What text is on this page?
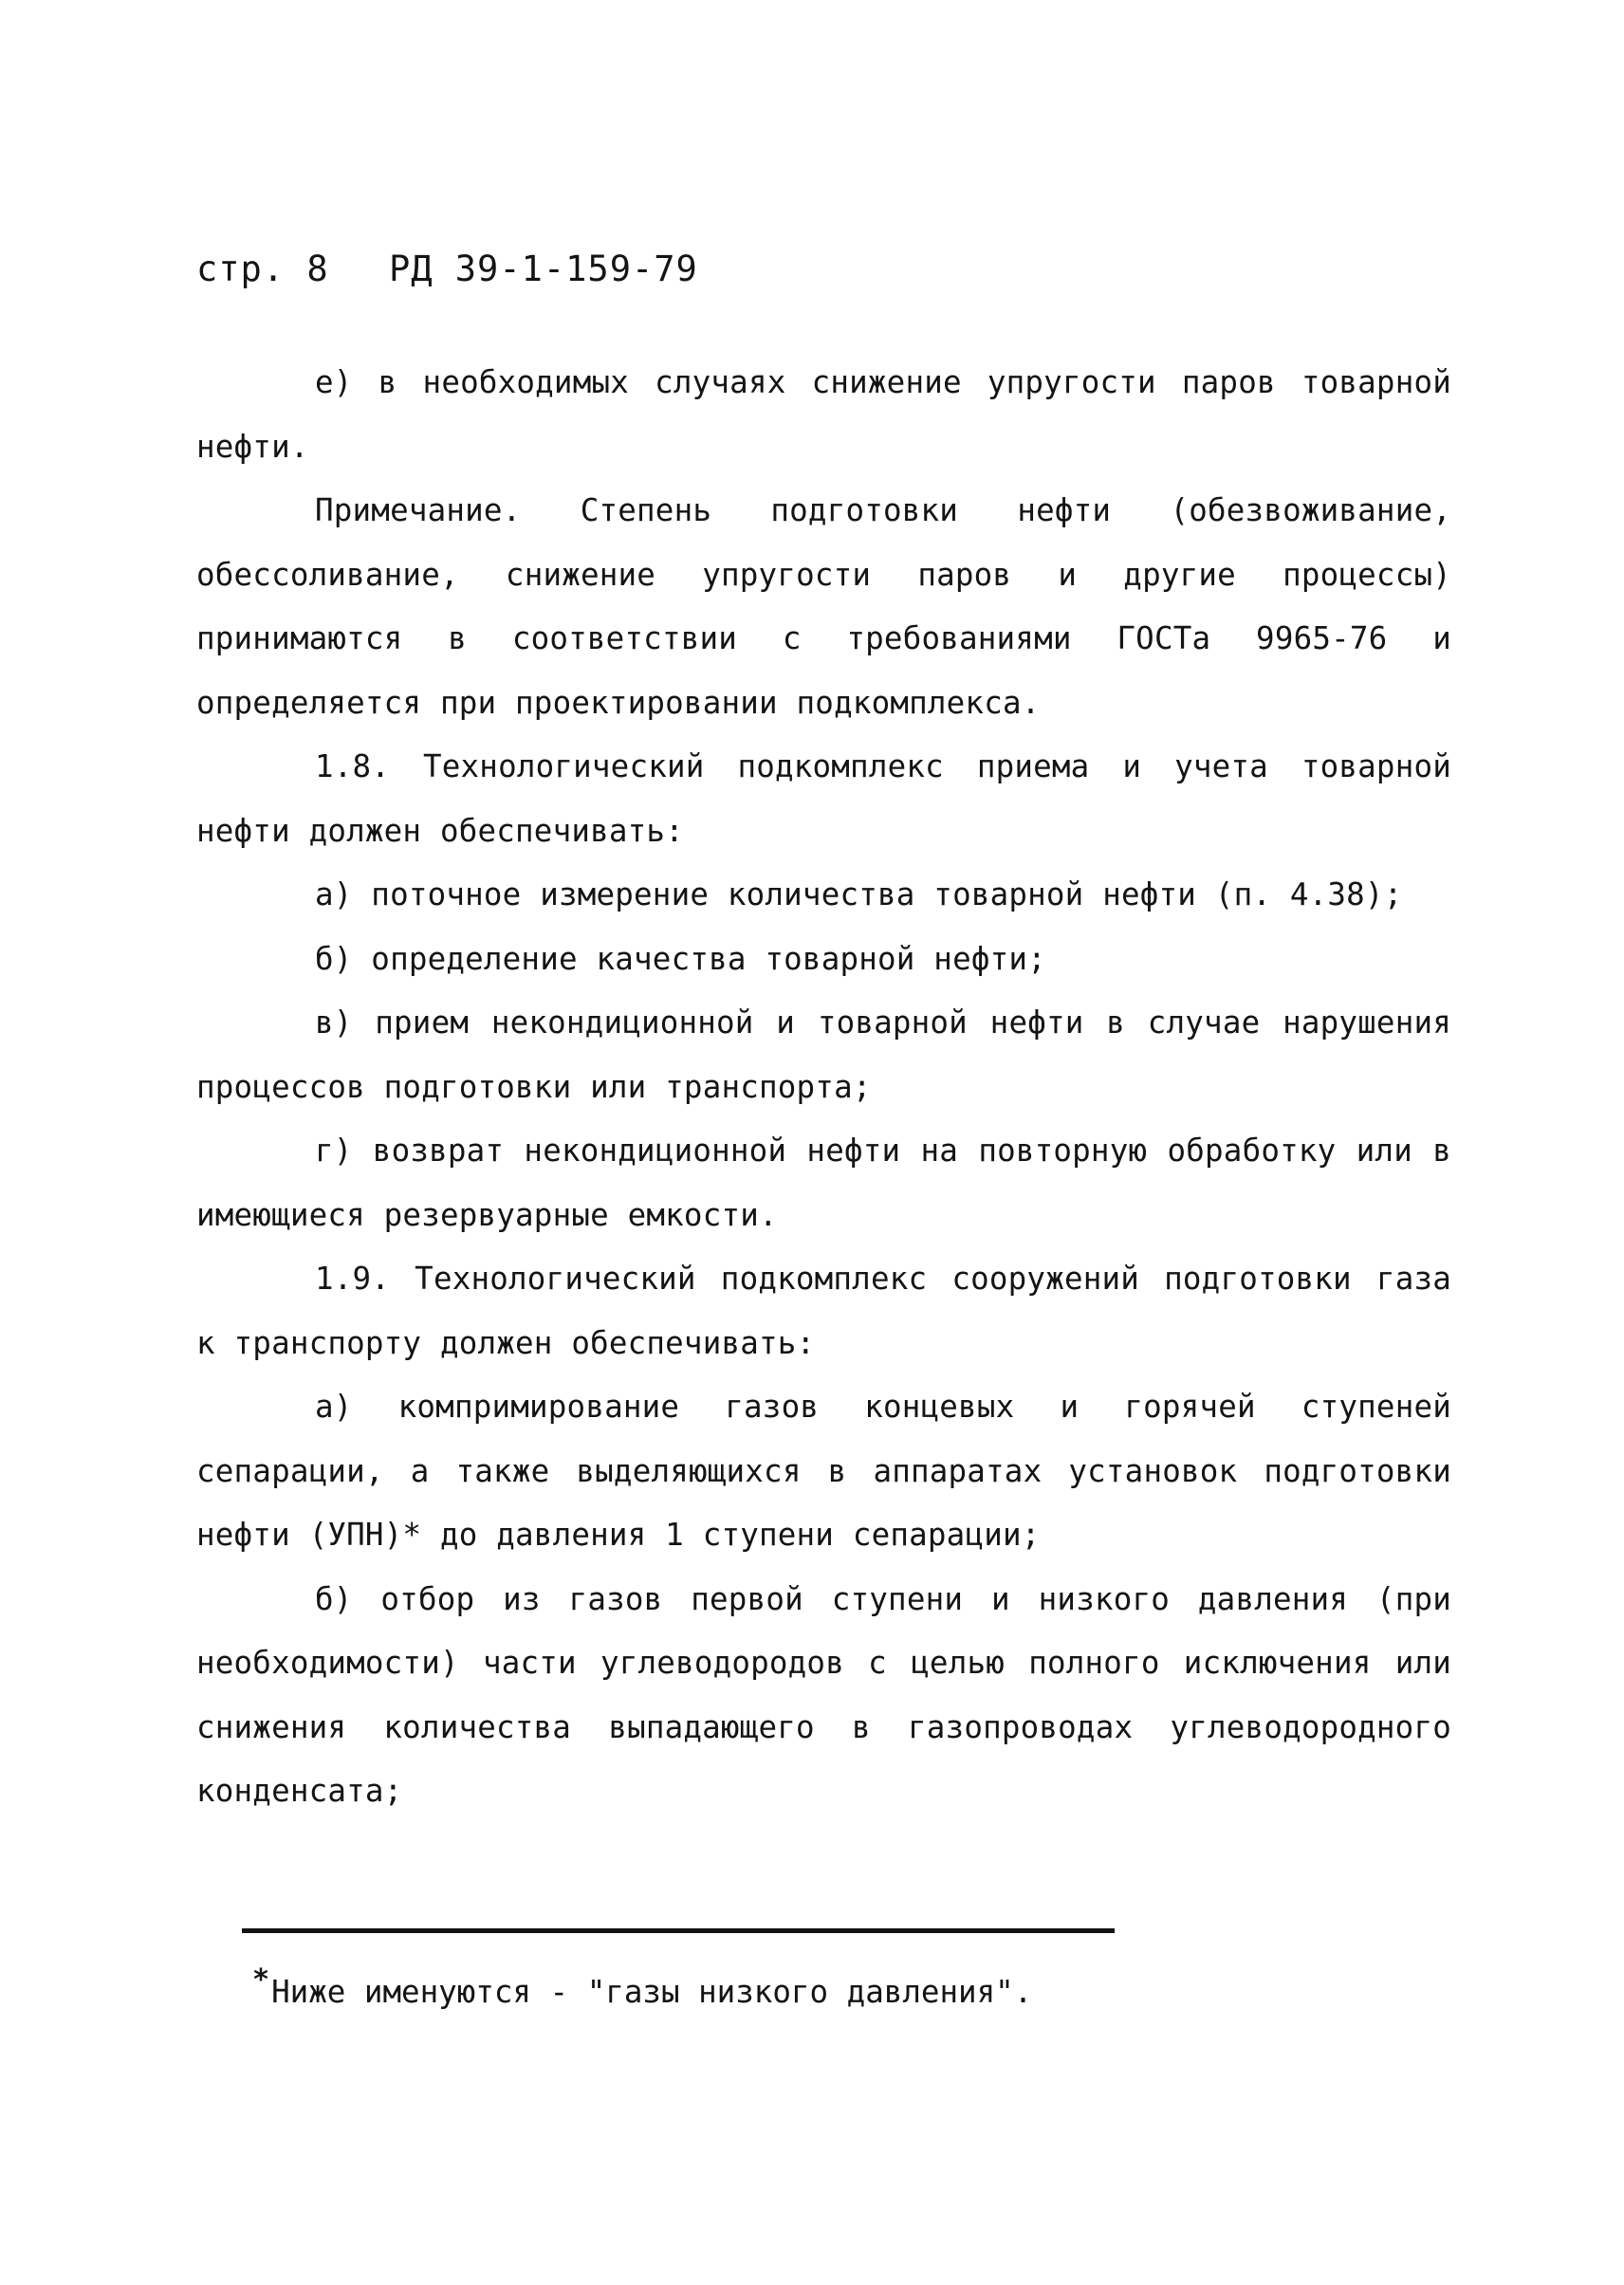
стр. 8 РД 39-1-159-79

е) в необходимых случаях снижение упругости паров товарной нефти.

Примечание. Степень подготовки нефти (обезвоживание, обессоливание, снижение упругости паров и другие процессы) принимаются в соответствии с требованиями ГОСТа 9965-76 и определяется при проектировании подкомплекса.

1.8. Технологический подкомплекс приема и учета товарной нефти должен обеспечивать:

а) поточное измерение количества товарной нефти (п. 4.38);

б) определение качества товарной нефти;

в) прием некондиционной и товарной нефти в случае нарушения процессов подготовки или транспорта;

г) возврат некондиционной нефти на повторную обработку или в имеющиеся резервуарные емкости.

1.9. Технологический подкомплекс сооружений подготовки газа к транспорту должен обеспечивать:

а) компримирование газов концевых и горячей ступеней сепарации, а также выделяющихся в аппаратах установок подготовки нефти (УПН)* до давления 1 ступени сепарации;

б) отбор из газов первой ступени и низкого давления (при необходимости) части углеводородов с целью полного исключения или снижения количества выпадающего в газопроводах углеводородного конденсата;

*Ниже именуются - "газы низкого давления".
